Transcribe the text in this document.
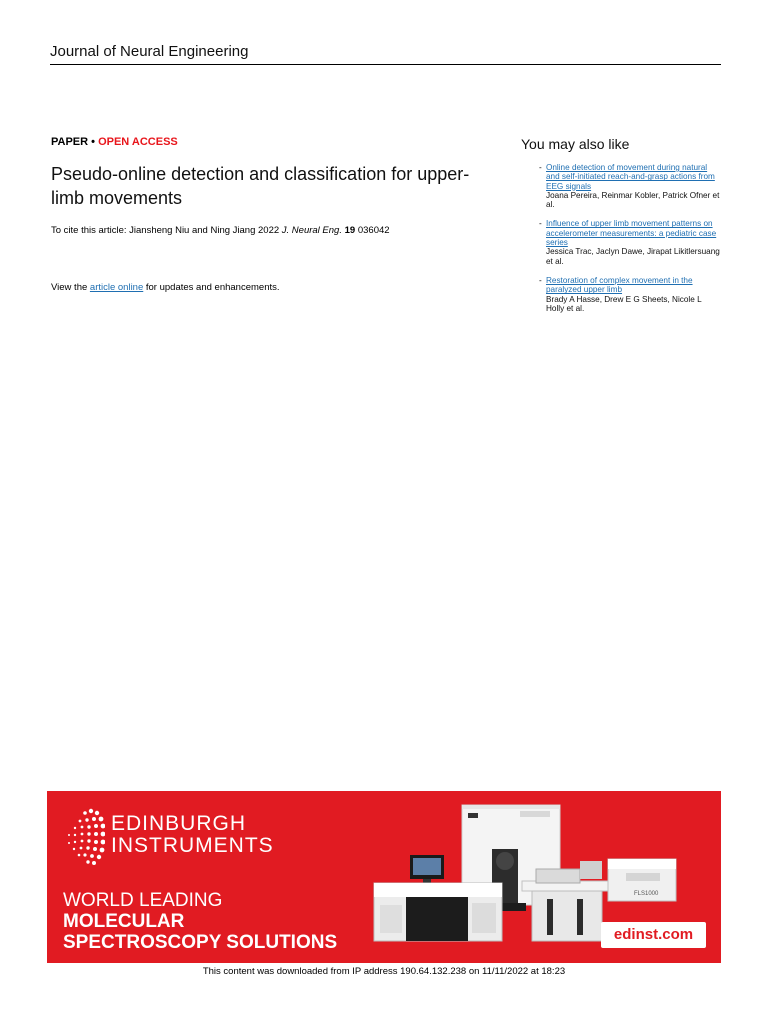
Journal of Neural Engineering
PAPER • OPEN ACCESS
Pseudo-online detection and classification for upper-limb movements
To cite this article: Jiansheng Niu and Ning Jiang 2022 J. Neural Eng. 19 036042
View the article online for updates and enhancements.
You may also like
- Online detection of movement during natural and self-initiated reach-and-grasp actions from EEG signals
Joana Pereira, Reinmar Kobler, Patrick Ofner et al.
- Influence of upper limb movement patterns on accelerometer measurements: a pediatric case series
Jessica Trac, Jaclyn Dawe, Jirapat Likitlersuang et al.
- Restoration of complex movement in the paralyzed upper limb
Brady A Hasse, Drew E G Sheets, Nicole L Holly et al.
EDINBURGH
INSTRUMENTS
WORLD LEADING
MOLECULAR
SPECTROSCOPY SOLUTIONS
FLS1000
edinst.com
This content was downloaded from IP address 190.64.132.238 on 11/11/2022 at 18:23
